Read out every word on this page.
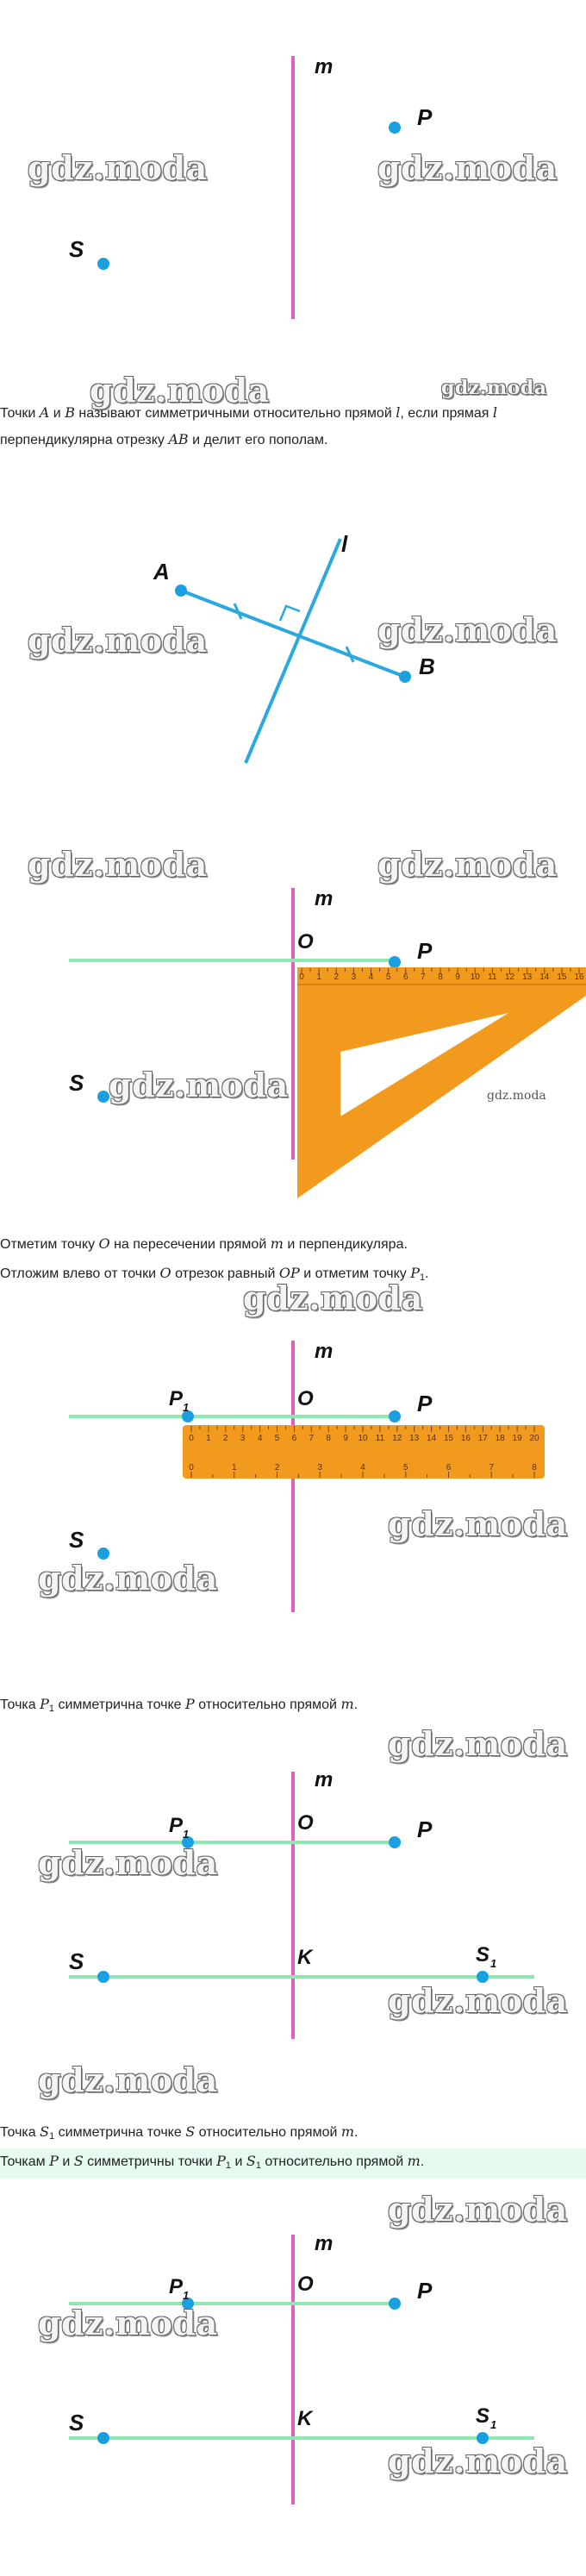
m
P
S
gdz.moda	gdz.moda
gdz.moda	gdz.moda
Точки A и B называют симметричными относительно прямой l, если прямая l
перпендикулярна отрезку AB и делит его пополам.
A
B
l
gdz.moda	gdz.moda
m
O	P
S
0 1 2 3 4 5 6 7 8 9 10 11 12 13 14 15 16
gdz.moda
gdz.moda	gdz.moda
gdz.moda
Отметим точку O на пересечении прямой m и перпендикуляра.
Отложим влево от точки O отрезок равный OP и отметим точку $P_1$.
m
O
P 1	P
S
0 1 2 3 4 5 6 7 8 9 10 11 12 13 14 15 16 17 18 19 20
0	1	2	3	4	5	6	7	8
gdz.moda
gdz.moda
gdz.moda
Точка $P_1$ симметрична точке P относительно прямой m.
m
O
K
P 1	P
S	S 1
gdz.moda
gdz.moda
gdz.moda
gdz.moda
Точка $S_1$ симметрична точке S относительно прямой m.
Точкам P и S симметричны точки $P_1$ и $S_1$ относительно прямой m.
m
O
K
P 1	P
S	S 1
gdz.moda
gdz.moda
gdz.moda
